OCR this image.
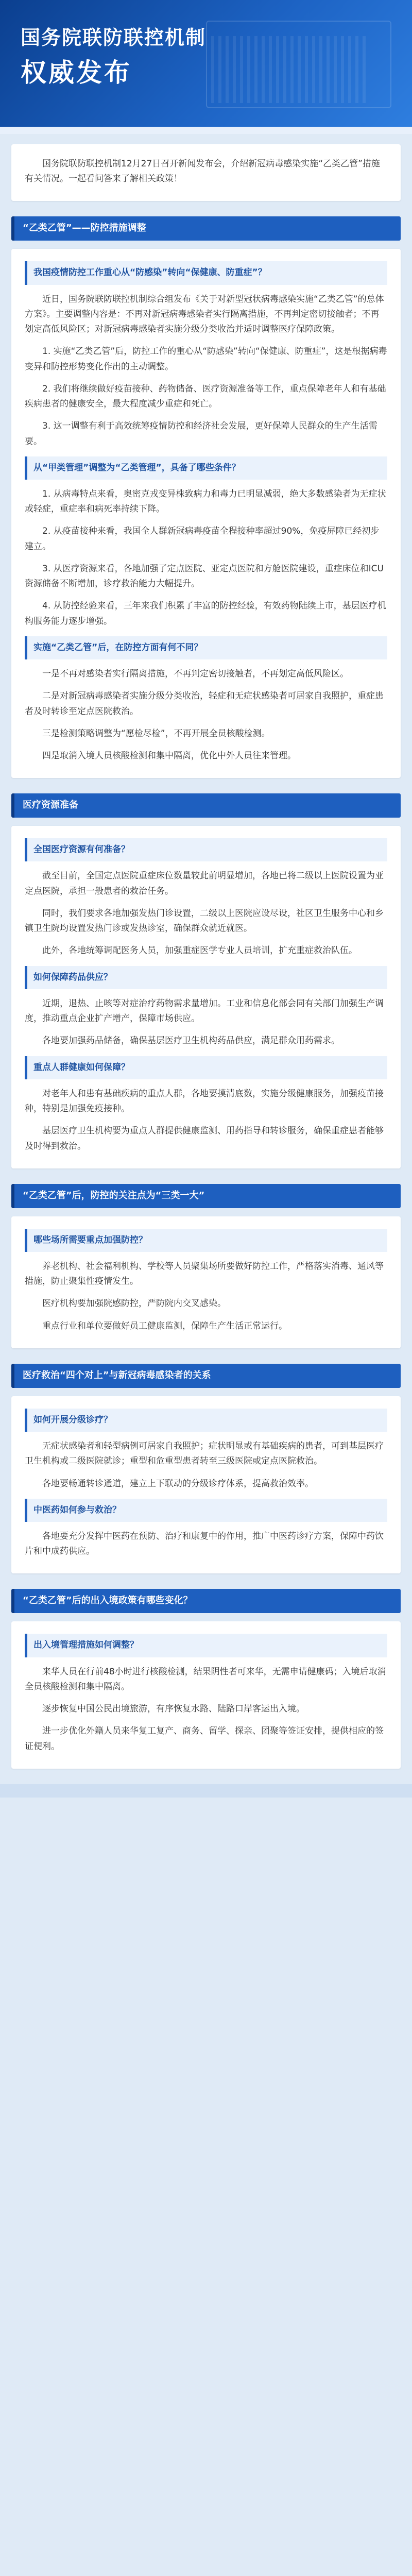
国务院联防联控机制
权威发布

国务院联防联控机制12月27日召开新闻发布会，介绍新冠病毒感染实施“乙类乙管”措施有关情况。一起看问答来了解相关政策！

“乙类乙管”——防控措施调整
我国疫情防控工作重心从“防感染”转向“保健康、防重症”？

近日，国务院联防联控机制综合组发布《关于对新型冠状病毒感染实施“乙类乙管”的总体方案》。主要调整内容是：不再对新冠病毒感染者实行隔离措施，不再判定密切接触者；不再划定高低风险区；对新冠病毒感染者实施分级分类收治并适时调整医疗保障政策。

1. 实施“乙类乙管”后，防控工作的重心从“防感染”转向“保健康、防重症”，这是根据病毒变异和防控形势变化作出的主动调整。

2. 我们将继续做好疫苗接种、药物储备、医疗资源准备等工作，重点保障老年人和有基础疾病患者的健康安全，最大程度减少重症和死亡。

3. 这一调整有利于高效统筹疫情防控和经济社会发展，更好保障人民群众的生产生活需要。

从“甲类管理”调整为“乙类管理”，具备了哪些条件？

1. 从病毒特点来看，奥密克戎变异株致病力和毒力已明显减弱，绝大多数感染者为无症状或轻症，重症率和病死率持续下降。

2. 从疫苗接种来看，我国全人群新冠病毒疫苗全程接种率超过90%，免疫屏障已经初步建立。

3. 从医疗资源来看，各地加强了定点医院、亚定点医院和方舱医院建设，重症床位和ICU资源储备不断增加，诊疗救治能力大幅提升。

4. 从防控经验来看，三年来我们积累了丰富的防控经验，有效药物陆续上市，基层医疗机构服务能力逐步增强。

实施“乙类乙管”后，在防控方面有何不同？

一是不再对感染者实行隔离措施，不再判定密切接触者，不再划定高低风险区。

二是对新冠病毒感染者实施分级分类收治，轻症和无症状感染者可居家自我照护，重症患者及时转诊至定点医院救治。

三是检测策略调整为“愿检尽检”，不再开展全员核酸检测。

四是取消入境人员核酸检测和集中隔离，优化中外人员往来管理。

医疗资源准备
全国医疗资源有何准备？

截至目前，全国定点医院重症床位数量较此前明显增加，各地已将二级以上医院设置为亚定点医院，承担一般患者的救治任务。

同时，我们要求各地加强发热门诊设置，二级以上医院应设尽设，社区卫生服务中心和乡镇卫生院均设置发热门诊或发热诊室，确保群众就近就医。

此外，各地统筹调配医务人员，加强重症医学专业人员培训，扩充重症救治队伍。

如何保障药品供应？

近期，退热、止咳等对症治疗药物需求量增加。工业和信息化部会同有关部门加强生产调度，推动重点企业扩产增产，保障市场供应。

各地要加强药品储备，确保基层医疗卫生机构药品供应，满足群众用药需求。

重点人群健康如何保障？

对老年人和患有基础疾病的重点人群，各地要摸清底数，实施分级健康服务，加强疫苗接种，特别是加强免疫接种。

基层医疗卫生机构要为重点人群提供健康监测、用药指导和转诊服务，确保重症患者能够及时得到救治。

“乙类乙管”后，防控的关注点为“三类一大”
哪些场所需要重点加强防控？

养老机构、社会福利机构、学校等人员聚集场所要做好防控工作，严格落实消毒、通风等措施，防止聚集性疫情发生。

医疗机构要加强院感防控，严防院内交叉感染。

重点行业和单位要做好员工健康监测，保障生产生活正常运行。

医疗救治“四个对上”与新冠病毒感染者的关系
如何开展分级诊疗？

无症状感染者和轻型病例可居家自我照护；症状明显或有基础疾病的患者，可到基层医疗卫生机构或二级医院就诊；重型和危重型患者转至三级医院或定点医院救治。

各地要畅通转诊通道，建立上下联动的分级诊疗体系，提高救治效率。

中医药如何参与救治？

各地要充分发挥中医药在预防、治疗和康复中的作用，推广中医药诊疗方案，保障中药饮片和中成药供应。

“乙类乙管”后的出入境政策有哪些变化？
出入境管理措施如何调整？

来华人员在行前48小时进行核酸检测，结果阴性者可来华，无需申请健康码；入境后取消全员核酸检测和集中隔离。

逐步恢复中国公民出境旅游，有序恢复水路、陆路口岸客运出入境。

进一步优化外籍人员来华复工复产、商务、留学、探亲、团聚等签证安排，提供相应的签证便利。
